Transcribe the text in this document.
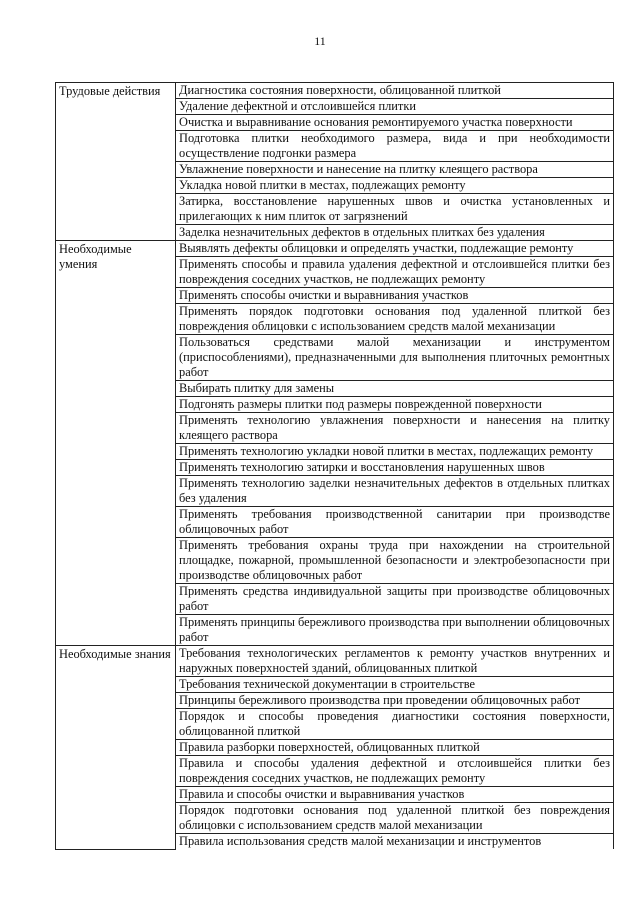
11
Трудовые действия	Диагностика состояния поверхности, облицованной плиткой
	Удаление дефектной и отслоившейся плитки
	Очистка и выравнивание основания ремонтируемого участка поверхности
	Подготовка плитки необходимого размера, вида и при необходимости осуществление подгонки размера
	Увлажнение поверхности и нанесение на плитку клеящего раствора
	Укладка новой плитки в местах, подлежащих ремонту
	Затирка, восстановление нарушенных швов и очистка установленных и прилегающих к ним плиток от загрязнений
	Заделка незначительных дефектов в отдельных плитках без удаления
Необходимые умения	Выявлять дефекты облицовки и определять участки, подлежащие ремонту
	Применять способы и правила удаления дефектной и отслоившейся плитки без повреждения соседних участков, не подлежащих ремонту
	Применять способы очистки и выравнивания участков
	Применять порядок подготовки основания под удаленной плиткой без повреждения облицовки с использованием средств малой механизации
	Пользоваться средствами малой механизации и инструментом (приспособлениями), предназначенными для выполнения плиточных ремонтных работ
	Выбирать плитку для замены
	Подгонять размеры плитки под размеры поврежденной поверхности
	Применять технологию увлажнения поверхности и нанесения на плитку клеящего раствора
	Применять технологию укладки новой плитки в местах, подлежащих ремонту
	Применять технологию затирки и восстановления нарушенных швов
	Применять технологию заделки незначительных дефектов в отдельных плитках без удаления
	Применять требования производственной санитарии при производстве облицовочных работ
	Применять требования охраны труда при нахождении на строительной площадке, пожарной, промышленной безопасности и электробезопасности при производстве облицовочных работ
	Применять средства индивидуальной защиты при производстве облицовочных работ
	Применять принципы бережливого производства при выполнении облицовочных работ
Необходимые знания	Требования технологических регламентов к ремонту участков внутренних и наружных поверхностей зданий, облицованных плиткой
	Требования технической документации в строительстве
	Принципы бережливого производства при проведении облицовочных работ
	Порядок и способы проведения диагностики состояния поверхности, облицованной плиткой
	Правила разборки поверхностей, облицованных плиткой
	Правила и способы удаления дефектной и отслоившейся плитки без повреждения соседних участков, не подлежащих ремонту
	Правила и способы очистки и выравнивания участков
	Порядок подготовки основания под удаленной плиткой без повреждения облицовки с использованием средств малой механизации
	Правила использования средств малой механизации и инструментов
